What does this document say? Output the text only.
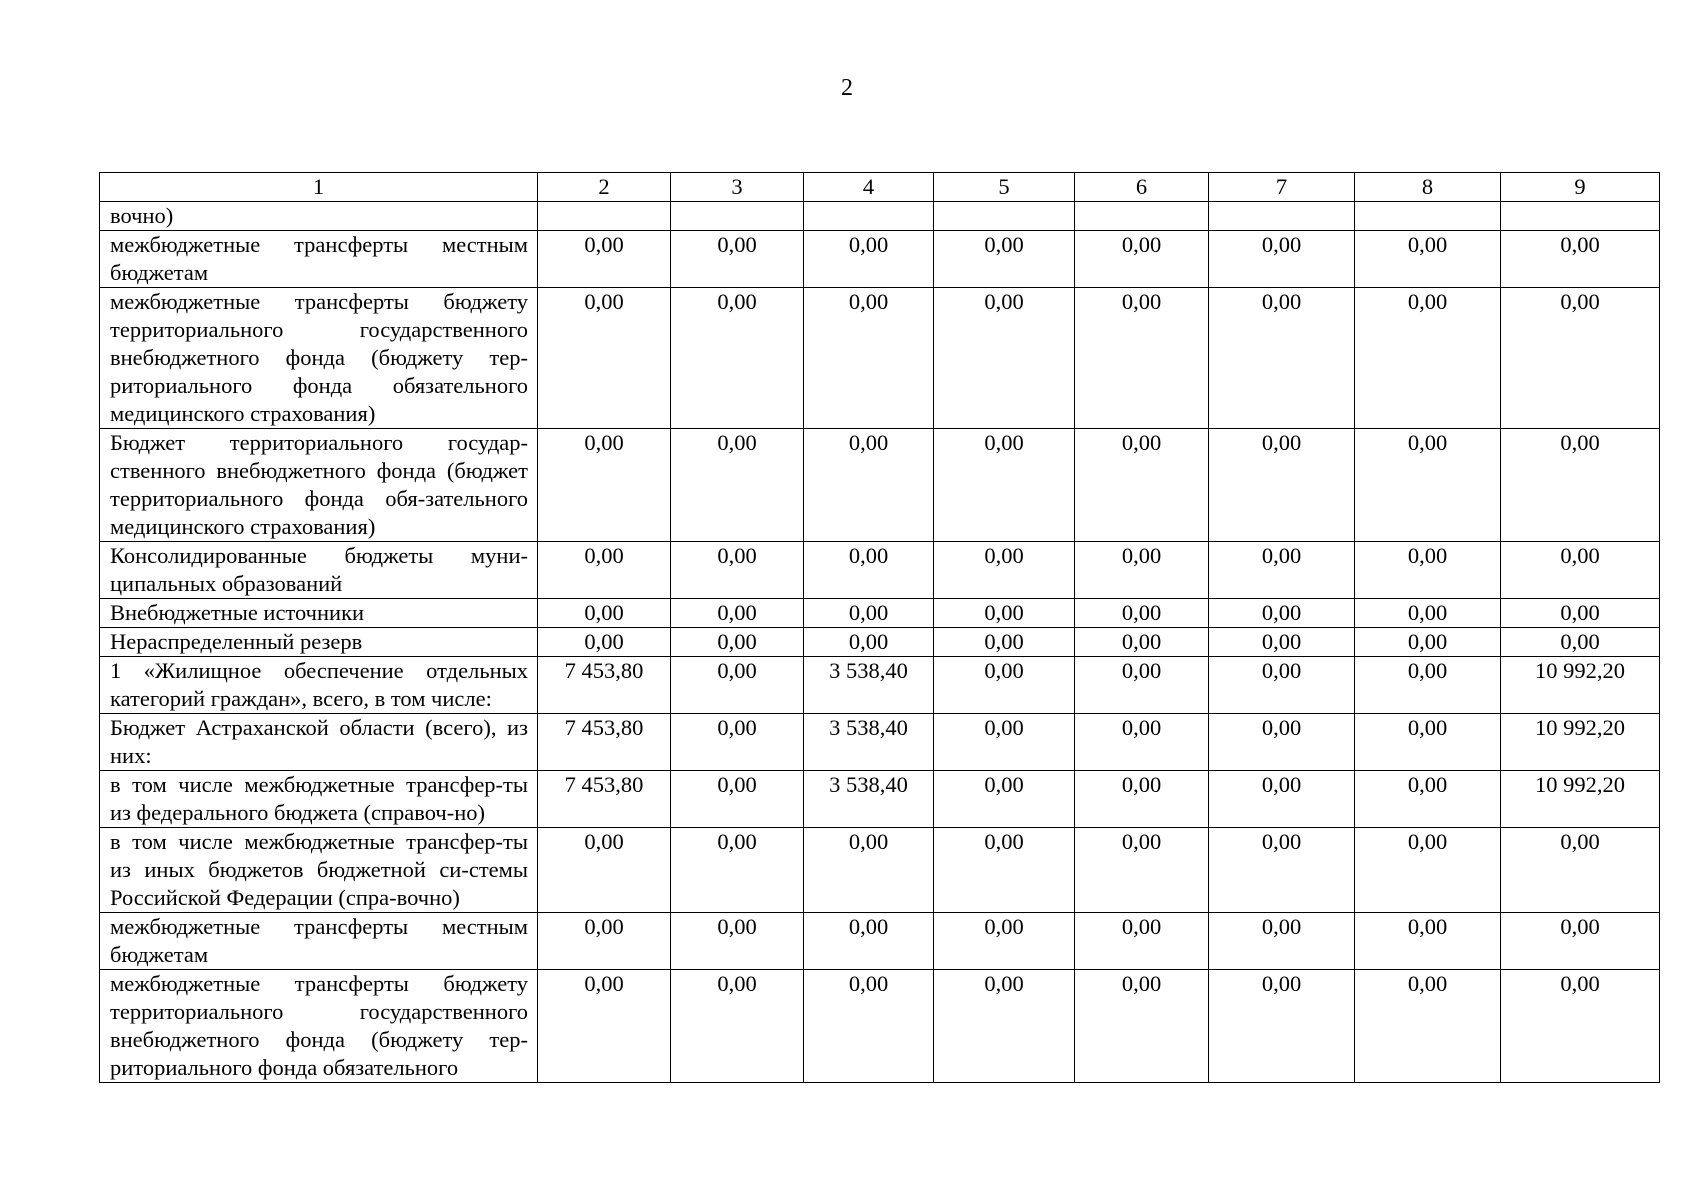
2
1	2	3	4	5	6	7	8	9
вочно)								
межбюджетные трансферты местным бюджетам	0,00	0,00	0,00	0,00	0,00	0,00	0,00	0,00
межбюджетные трансферты бюджету территориального государственного внебюджетного фонда (бюджету тер-риториального фонда обязательного медицинского страхования)	0,00	0,00	0,00	0,00	0,00	0,00	0,00	0,00
Бюджет территориального государ-ственного внебюджетного фонда (бюджет территориального фонда обя-зательного медицинского страхования)	0,00	0,00	0,00	0,00	0,00	0,00	0,00	0,00
Консолидированные бюджеты муни-ципальных образований	0,00	0,00	0,00	0,00	0,00	0,00	0,00	0,00
Внебюджетные источники	0,00	0,00	0,00	0,00	0,00	0,00	0,00	0,00
Нераспределенный резерв	0,00	0,00	0,00	0,00	0,00	0,00	0,00	0,00
1 «Жилищное обеспечение отдельных категорий граждан», всего, в том числе:	7 453,80	0,00	3 538,40	0,00	0,00	0,00	0,00	10 992,20
Бюджет Астраханской области (всего), из них:	7 453,80	0,00	3 538,40	0,00	0,00	0,00	0,00	10 992,20
в том числе межбюджетные трансфер-ты из федерального бюджета (справоч-но)	7 453,80	0,00	3 538,40	0,00	0,00	0,00	0,00	10 992,20
в том числе межбюджетные трансфер-ты из иных бюджетов бюджетной си-стемы Российской Федерации (спра-вочно)	0,00	0,00	0,00	0,00	0,00	0,00	0,00	0,00
межбюджетные трансферты местным бюджетам	0,00	0,00	0,00	0,00	0,00	0,00	0,00	0,00
межбюджетные трансферты бюджету территориального государственного внебюджетного фонда (бюджету тер-риториального фонда обязательного	0,00	0,00	0,00	0,00	0,00	0,00	0,00	0,00
